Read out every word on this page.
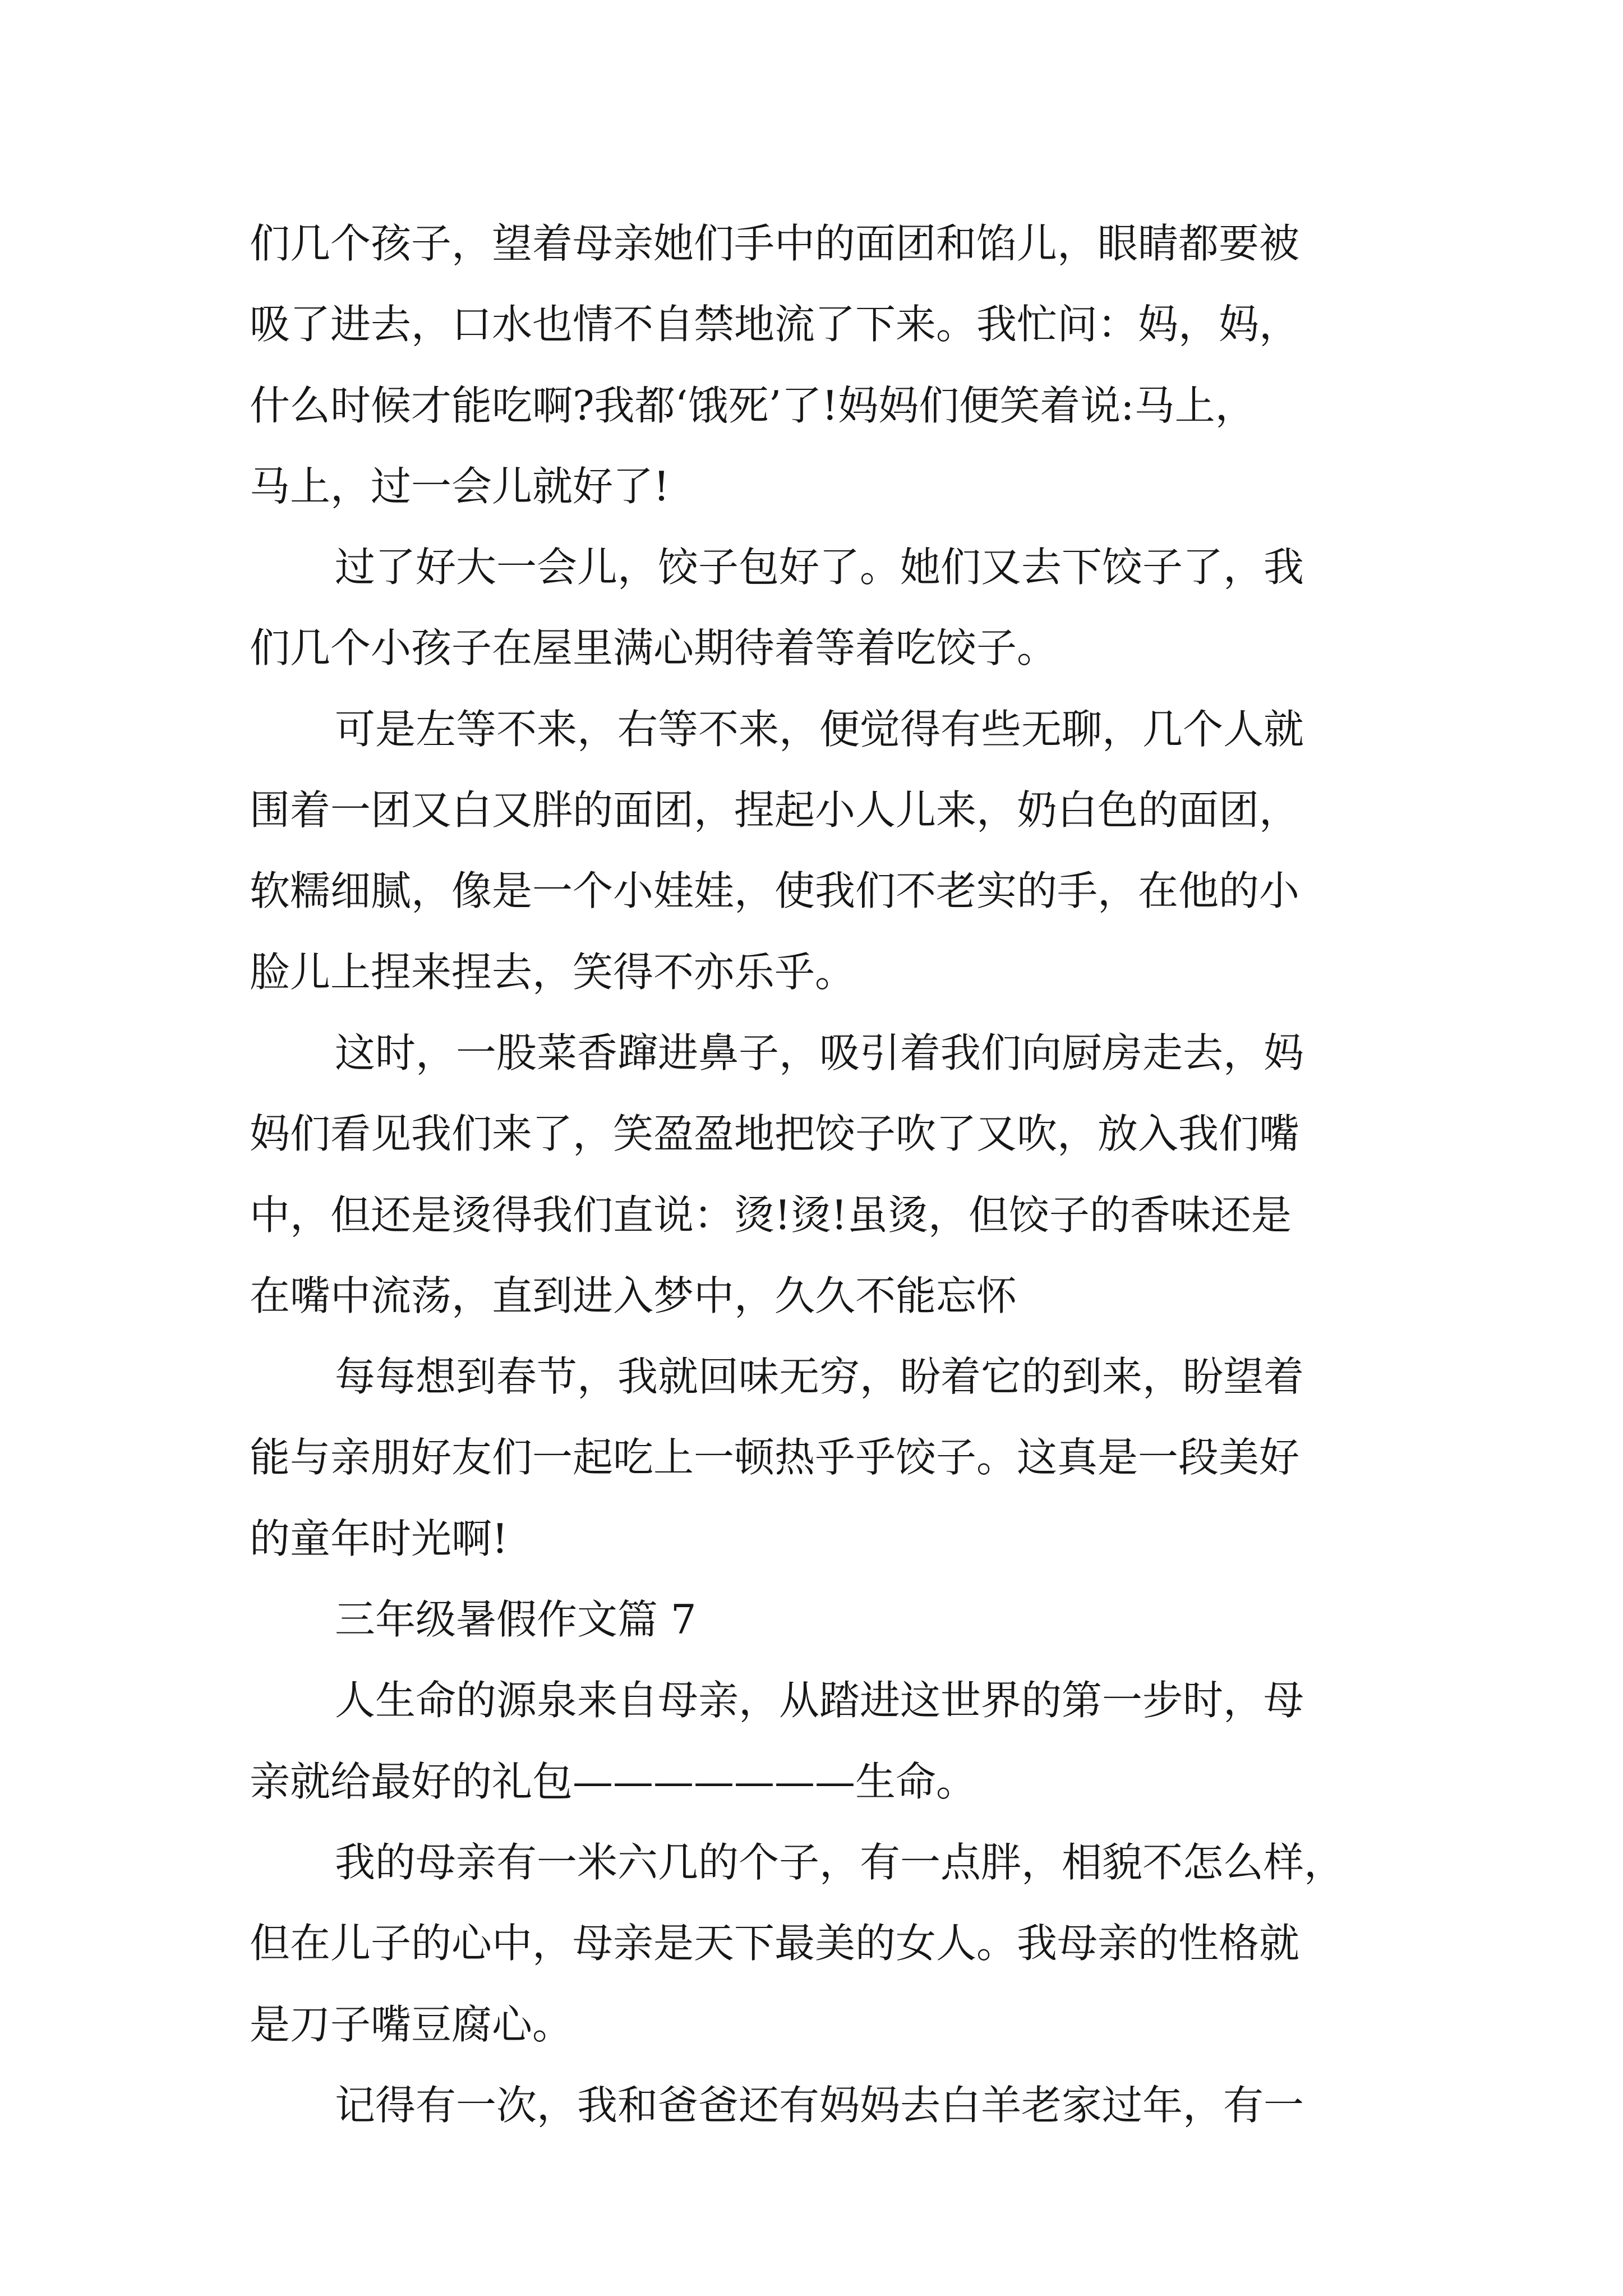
们几个孩子，望着母亲她们手中的面团和馅儿，眼睛都要被
吸了进去，口水也情不自禁地流了下来。我忙问：妈，妈，
什么时候才能吃啊?我都‘饿死’了!妈妈们便笑着说:马上，
马上，过一会儿就好了!
过了好大一会儿，饺子包好了。她们又去下饺子了，我
们几个小孩子在屋里满心期待着等着吃饺子。
可是左等不来，右等不来，便觉得有些无聊，几个人就
围着一团又白又胖的面团，捏起小人儿来，奶白色的面团，
软糯细腻，像是一个小娃娃，使我们不老实的手，在他的小
脸儿上捏来捏去，笑得不亦乐乎。
这时，一股菜香蹿进鼻子，吸引着我们向厨房走去，妈
妈们看见我们来了，笑盈盈地把饺子吹了又吹，放入我们嘴
中，但还是烫得我们直说：烫!烫!虽烫，但饺子的香味还是
在嘴中流荡，直到进入梦中，久久不能忘怀
每每想到春节，我就回味无穷，盼着它的到来，盼望着
能与亲朋好友们一起吃上一顿热乎乎饺子。这真是一段美好
的童年时光啊!
三年级暑假作文篇 7
人生命的源泉来自母亲，从踏进这世界的第一步时，母
亲就给最好的礼包———————生命。
我的母亲有一米六几的个子，有一点胖，相貌不怎么样，
但在儿子的心中，母亲是天下最美的女人。我母亲的性格就
是刀子嘴豆腐心。
记得有一次，我和爸爸还有妈妈去白羊老家过年，有一
